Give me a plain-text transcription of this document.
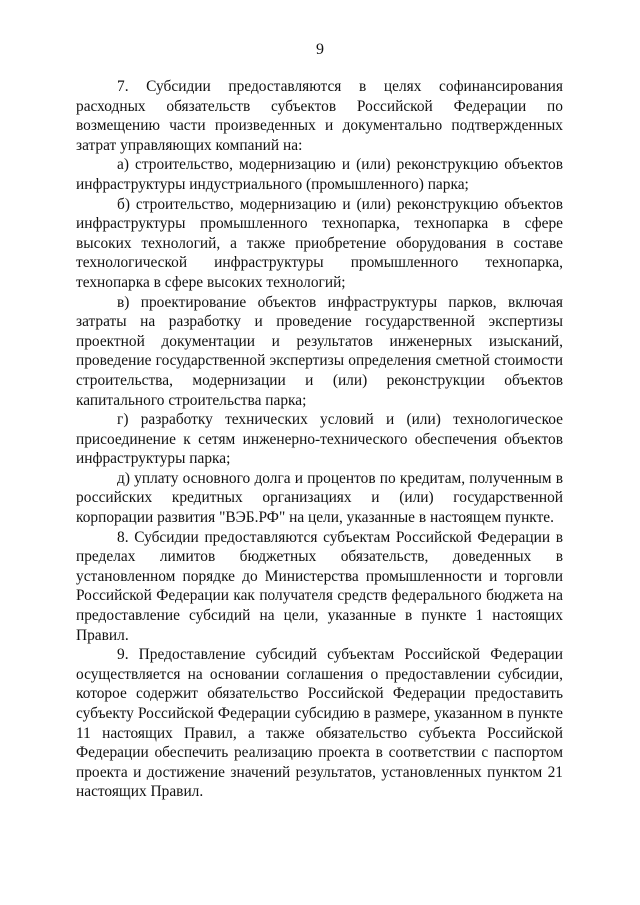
9

7. Субсидии предоставляются в целях софинансирования расходных обязательств субъектов Российской Федерации по возмещению части произведенных и документально подтвержденных затрат управляющих компаний на:

а) строительство, модернизацию и (или) реконструкцию объектов инфраструктуры индустриального (промышленного) парка;

б) строительство, модернизацию и (или) реконструкцию объектов инфраструктуры промышленного технопарка, технопарка в сфере высоких технологий, а также приобретение оборудования в составе технологической инфраструктуры промышленного технопарка, технопарка в сфере высоких технологий;

в) проектирование объектов инфраструктуры парков, включая затраты на разработку и проведение государственной экспертизы проектной документации и результатов инженерных изысканий, проведение государственной экспертизы определения сметной стоимости строительства, модернизации и (или) реконструкции объектов капитального строительства парка;

г) разработку технических условий и (или) технологическое присоединение к сетям инженерно-технического обеспечения объектов инфраструктуры парка;

д) уплату основного долга и процентов по кредитам, полученным в российских кредитных организациях и (или) государственной корпорации развития "ВЭБ.РФ" на цели, указанные в настоящем пункте.

8. Субсидии предоставляются субъектам Российской Федерации в пределах лимитов бюджетных обязательств, доведенных в установленном порядке до Министерства промышленности и торговли Российской Федерации как получателя средств федерального бюджета на предоставление субсидий на цели, указанные в пункте 1 настоящих Правил.

9. Предоставление субсидий субъектам Российской Федерации осуществляется на основании соглашения о предоставлении субсидии, которое содержит обязательство Российской Федерации предоставить субъекту Российской Федерации субсидию в размере, указанном в пункте 11 настоящих Правил, а также обязательство субъекта Российской Федерации обеспечить реализацию проекта в соответствии с паспортом проекта и достижение значений результатов, установленных пунктом 21 настоящих Правил.
